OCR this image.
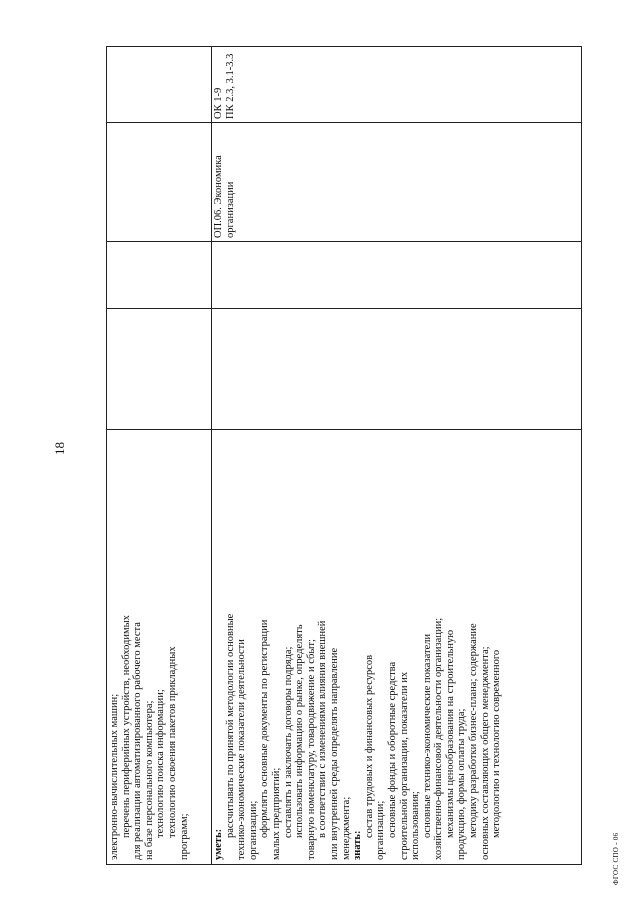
18
электронно-вычислительных машин; перечень периферийных устройств, необходимых для реализации автоматизированного рабочего места на базе персонального компьютера; технологию поиска информации; технологию освоения пакетов прикладных программ; уметь:
рассчитывать по принятой методологии основные технико-экономические показатели деятельности организации; оформлять основные документы по регистрации малых предприятий; составлять и заключать договоры подряда; использовать информацию о рынке, определять товарную номенклатуру, товародвижение и сбыт; в соответствии с изменениями влияния внешней или внутренней среды определять направление менеджмента; знать:
состав трудовых и финансовых ресурсов организации; основные фонды и оборотные средства строительной организации, показатели их использования; основные технико-экономические показатели хозяйственно-финансовой деятельности организации; механизмы ценообразования на строительную продукцию, формы оплаты труда; методику разработки бизнес-плана; содержание основных составляющих общего менеджмента; методологию и технологию современного
ОП.06. Экономика организации
ОК 1-9 ПК 2.3, 3.1-3.3
ФГОС СПО - 06
